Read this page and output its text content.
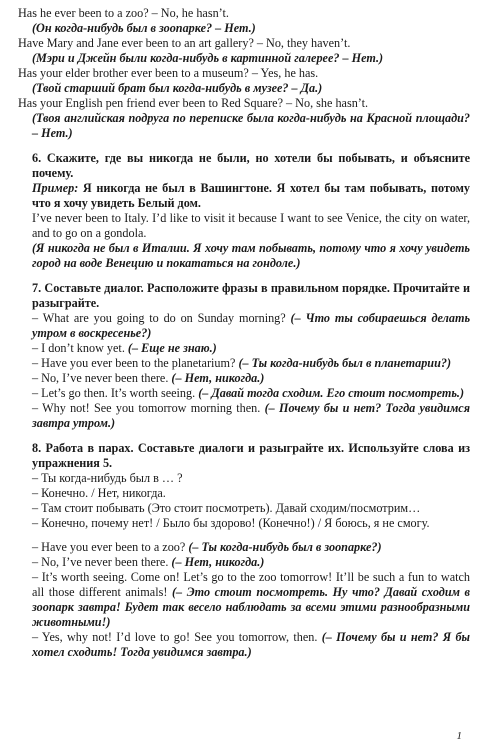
Has he ever been to a zoo? – No, he hasn’t.
(Он когда-нибудь был в зоопарке? – Нет.)
Have Mary and Jane ever been to an art gallery? – No, they haven’t.
(Мэри и Джейн были когда-нибудь в картинной галерее? – Нет.)
Has your elder brother ever been to a museum? – Yes, he has.
(Твой старший брат был когда-нибудь в музее? – Да.)
Has your English pen friend ever been to Red Square? – No, she hasn’t.
(Твоя английская подруга по переписке была когда-нибудь на Красной площади? – Нет.)
6. Скажите, где вы никогда не были, но хотели бы побывать, и объясните почему.
Пример: Я никогда не был в Вашингтоне. Я хотел бы там побывать, потому что я хочу увидеть Белый дом.
I’ve never been to Italy. I’d like to visit it because I want to see Venice, the city on water, and to go on a gondola.
(Я никогда не был в Италии. Я хочу там побывать, потому что я хочу увидеть город на воде Венецию и покататься на гондоле.)
7. Составьте диалог. Расположите фразы в правильном порядке. Прочитайте и разыграйте.
– What are you going to do on Sunday morning? (– Что ты собираешься делать утром в воскресенье?)
– I don’t know yet. (– Еще не знаю.)
– Have you ever been to the planetarium? (– Ты когда-нибудь был в планетарии?)
– No, I’ve never been there. (– Нет, никогда.)
– Let’s go then. It’s worth seeing. (– Давай тогда сходим. Его стоит посмотреть.)
– Why not! See you tomorrow morning then. (– Почему бы и нет? Тогда увидимся завтра утром.)
8. Работа в парах. Составьте диалоги и разыграйте их. Используйте слова из упражнения 5.
– Ты когда-нибудь был в … ?
– Конечно. / Нет, никогда.
– Там стоит побывать (Это стоит посмотреть). Давай сходим/посмотрим…
– Конечно, почему нет! / Было бы здорово! (Конечно!) / Я боюсь, я не смогу.
– Have you ever been to a zoo? (– Ты когда-нибудь был в зоопарке?)
– No, I’ve never been there. (– Нет, никогда.)
– It’s worth seeing. Come on! Let’s go to the zoo tomorrow! It’ll be such a fun to watch all those different animals! (– Это стоит посмотреть. Ну что? Давай сходим в зоопарк завтра! Будет так весело наблюдать за всеми этими разнообразными животными!)
– Yes, why not! I’d love to go! See you tomorrow, then. (– Почему бы и нет? Я бы хотел сходить! Тогда увидимся завтра.)
1
